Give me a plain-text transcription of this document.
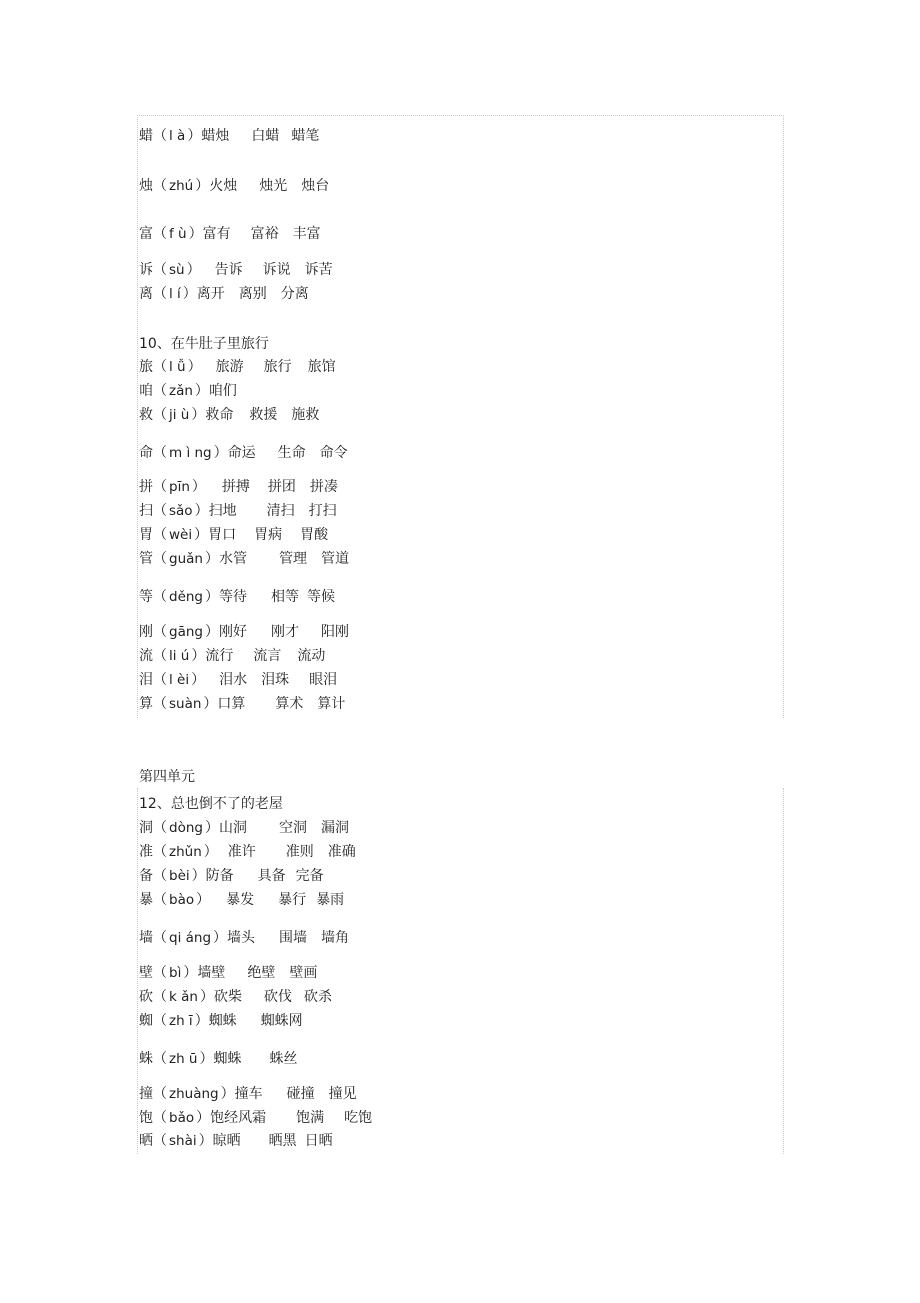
蜡（ l à ）蜡烛 白蜡 蜡笔
烛（ zhú ）火烛 烛光 烛台
富（ f ù ）富有 富裕 丰富
诉（ sù ） 告诉 诉说 诉苦
离（ l í ）离开 离别 分离
10、在牛肚子里旅行
旅（ l ǚ ） 旅游 旅行 旅馆
咱（ zǎn ）咱们
救（ ji ù ）救命 救援 施救
命（ m ì ng ）命运 生命 命令
拼（ pīn ） 拼搏 拼团 拼凑
扫（ sǎo ）扫地 清扫 打扫
胃（ wèi ）胃口 胃病 胃酸
管（ guǎn ）水管 管理 管道
等（ děng ）等待 相等 等候
刚（ gāng ）刚好 刚才 阳刚
流（ li ú ）流行 流言 流动
泪（ l èi ） 泪水 泪珠 眼泪
算（ suàn ）口算 算术 算计
第四单元
12、总也倒不了的老屋
洞（ dòng ）山洞 空洞 漏洞
准（ zhǔn ） 准许 准则 准确
备（ bèi ）防备 具备 完备
暴（ bào ） 暴发 暴行 暴雨
墙（ qi áng ）墙头 围墙 墙角
壁（ bì ）墙壁 绝壁 壁画
砍（ k ǎn ）砍柴 砍伐 砍杀
蜘（ zh ī ）蜘蛛 蜘蛛网
蛛（ zh ū ）蜘蛛 蛛丝
撞（ zhuàng ）撞车 碰撞 撞见
饱（ bǎo ）饱经风霜 饱满 吃饱
晒（ shài ）晾晒 晒黑 日晒
